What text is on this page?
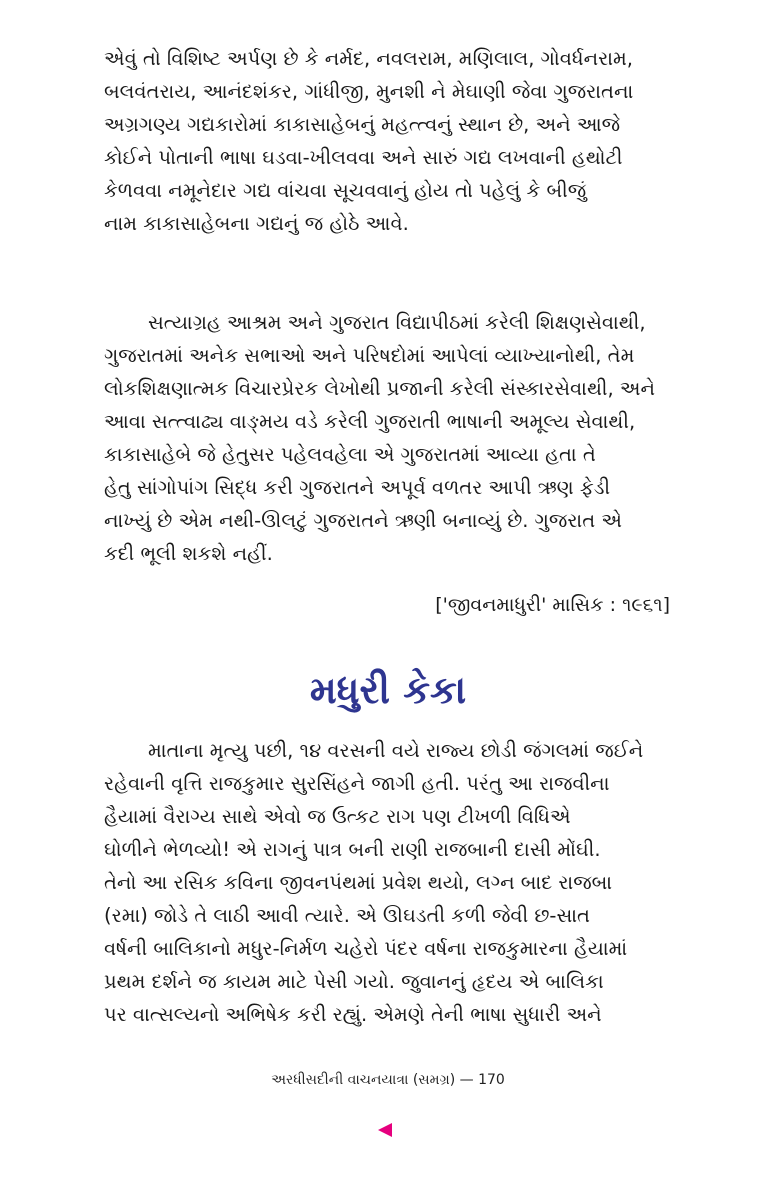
એવું તો વિશિષ્ટ અર્પણ છે કે નર્મદ, નવલરામ, મણિલાલ, ગોવર્ધનરામ,
બલવંતરાય, આનંદશંકર, ગાંધીજી, મુનશી ને મેઘાણી જેવા ગુજરાતના
અગ્રગણ્ય ગદ્યકારોમાં કાકાસાહેબનું મહત્ત્વનું સ્થાન છે, અને આજે
કોઈને પોતાની ભાષા ઘડવા-ખીલવવા અને સારું ગદ્ય લખવાની હથોટી
કેળવવા નમૂનેદાર ગદ્ય વાંચવા સૂચવવાનું હોય તો પહેલું કે બીજું
નામ કાકાસાહેબના ગદ્યનું જ હોઠે આવે.
સત્યાગ્રહ આશ્રમ અને ગુજરાત વિદ્યાપીઠમાં કરેલી શિક્ષણસેવાથી,
ગુજરાતમાં અનેક સભાઓ અને પરિષદોમાં આપેલાં વ્યાખ્યાનોથી, તેમ
લોકશિક્ષણાત્મક વિચારપ્રેરક લેખોથી પ્રજાની કરેલી સંસ્કારસેવાથી, અને
આવા સત્ત્વાઢ્ય વાઙ્મય વડે કરેલી ગુજરાતી ભાષાની અમૂલ્ય સેવાથી,
કાકાસાહેબે જે હેતુસર પહેલવહેલા એ ગુજરાતમાં આવ્યા હતા તે
હેતુ સાંગોપાંગ સિદ્ધ કરી ગુજરાતને અપૂર્વ વળતર આપી ઋણ ફેડી
નાખ્યું છે એમ નથી-ઊલટું ગુજરાતને ઋણી બનાવ્યું છે. ગુજરાત એ
કદી ભૂલી શકશે નહીં.
['જીવનમાધુરી' માસિક : ૧૯૬૧]
મધુરી કેકા
માતાના મૃત્યુ પછી, ૧૪ વરસની વયે રાજ્ય છોડી જંગલમાં જઈને
રહેવાની વૃત્તિ રાજકુમાર સુરસિંહને જાગી હતી. પરંતુ આ રાજવીના
હૈયામાં વૈરાગ્ય સાથે એવો જ ઉત્કટ રાગ પણ ટીખળી વિધિએ
ઘોળીને ભેળવ્યો! એ રાગનું પાત્ર બની રાણી રાજબાની દાસી મોંઘી.
તેનો આ રસિક કવિના જીવનપંથમાં પ્રવેશ થયો, લગ્ન બાદ રાજબા
(રમા) જોડે તે લાઠી આવી ત્યારે. એ ઊઘડતી કળી જેવી છ-સાત
વર્ષની બાલિકાનો મધુર-નિર્મળ ચહેરો પંદર વર્ષના રાજકુમારના હૈયામાં
પ્રથમ દર્શને જ કાયમ માટે પેસી ગયો. જુવાનનું હૃદય એ બાલિકા
પર વાત્સલ્યનો અભિષેક કરી રહ્યું. એમણે તેની ભાષા સુધારી અને
અરધીસદીની વાચનયાત્રા (સમગ્ર) — 170
